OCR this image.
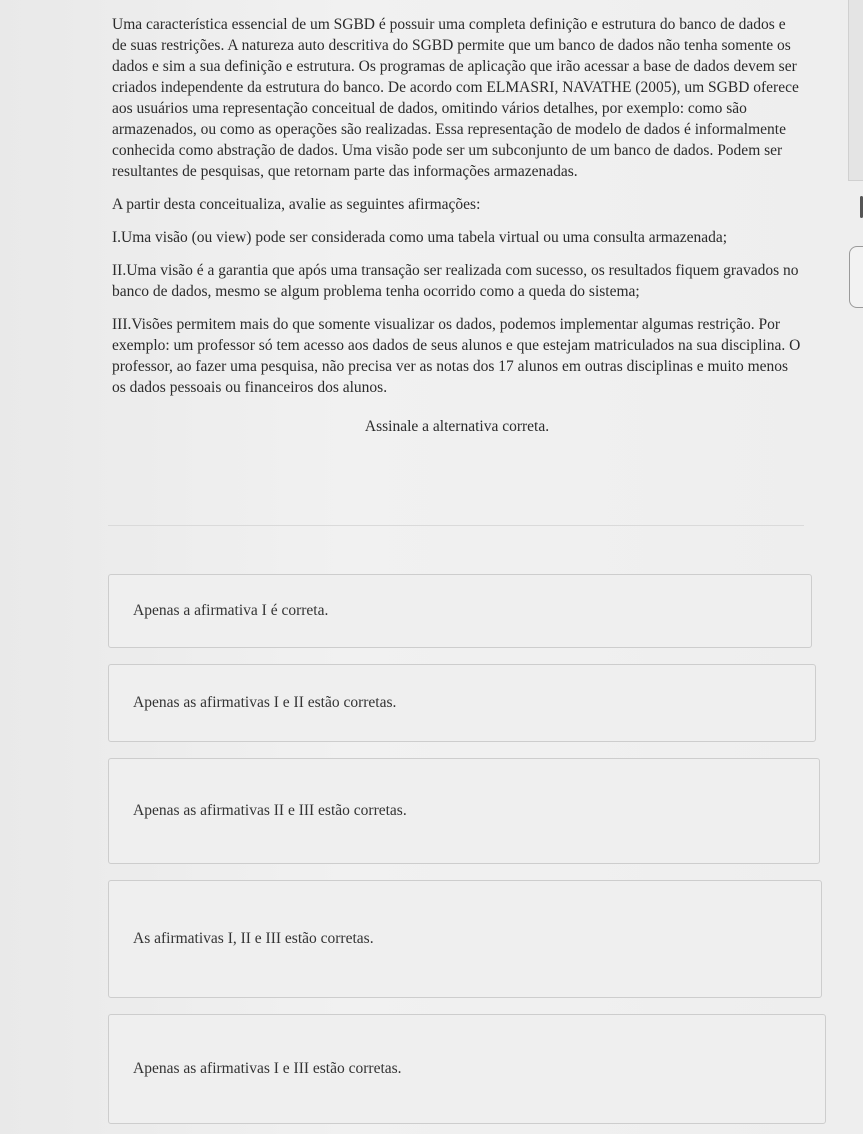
Uma característica essencial de um SGBD é possuir uma completa definição e estrutura do banco de dados e de suas restrições. A natureza auto descritiva do SGBD permite que um banco de dados não tenha somente os dados e sim a sua definição e estrutura. Os programas de aplicação que irão acessar a base de dados devem ser criados independente da estrutura do banco. De acordo com ELMASRI, NAVATHE (2005), um SGBD oferece aos usuários uma representação conceitual de dados, omitindo vários detalhes, por exemplo: como são armazenados, ou como as operações são realizadas. Essa representação de modelo de dados é informalmente conhecida como abstração de dados. Uma visão pode ser um subconjunto de um banco de dados. Podem ser resultantes de pesquisas, que retornam parte das informações armazenadas.

A partir desta conceitualiza, avalie as seguintes afirmações:

I.Uma visão (ou view) pode ser considerada como uma tabela virtual ou uma consulta armazenada;

II.Uma visão é a garantia que após uma transação ser realizada com sucesso, os resultados fiquem gravados no banco de dados, mesmo se algum problema tenha ocorrido como a queda do sistema;

III.Visões permitem mais do que somente visualizar os dados, podemos implementar algumas restrição. Por exemplo: um professor só tem acesso aos dados de seus alunos e que estejam matriculados na sua disciplina. O professor, ao fazer uma pesquisa, não precisa ver as notas dos 17 alunos em outras disciplinas e muito menos os dados pessoais ou financeiros dos alunos.

Assinale a alternativa correta.

Apenas a afirmativa I é correta.
Apenas as afirmativas I e II estão corretas.
Apenas as afirmativas II e III estão corretas.
As afirmativas I, II e III estão corretas.
Apenas as afirmativas I e III estão corretas.
